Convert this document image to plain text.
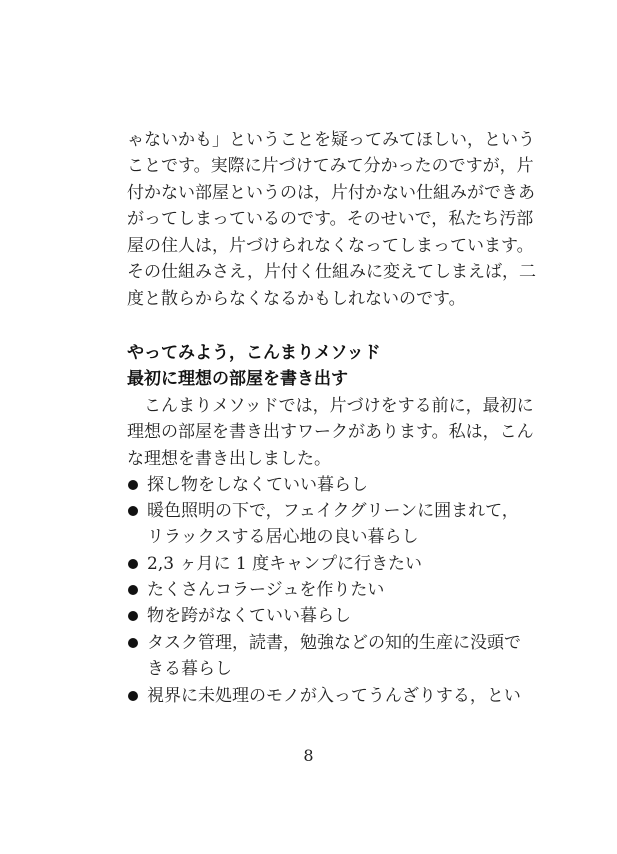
ゃないかも」ということを疑ってみてほしい，という
ことです。実際に片づけてみて分かったのですが，片
付かない部屋というのは，片付かない仕組みができあ
がってしまっているのです。そのせいで，私たち汚部
屋の住人は，片づけられなくなってしまっています。
その仕組みさえ，片付く仕組みに変えてしまえば，二
度と散らからなくなるかもしれないのです。
やってみよう，こんまりメソッド
最初に理想の部屋を書き出す
　こんまりメソッドでは，片づけをする前に，最初に
理想の部屋を書き出すワークがあります。私は，こん
な理想を書き出しました。
探し物をしなくていい暮らし
暖色照明の下で，フェイクグリーンに囲まれて，
リラックスする居心地の良い暮らし
2,3 ヶ月に 1 度キャンプに行きたい
たくさんコラージュを作りたい
物を跨がなくていい暮らし
タスク管理，読書，勉強などの知的生産に没頭で
きる暮らし
視界に未処理のモノが入ってうんざりする，とい
8
